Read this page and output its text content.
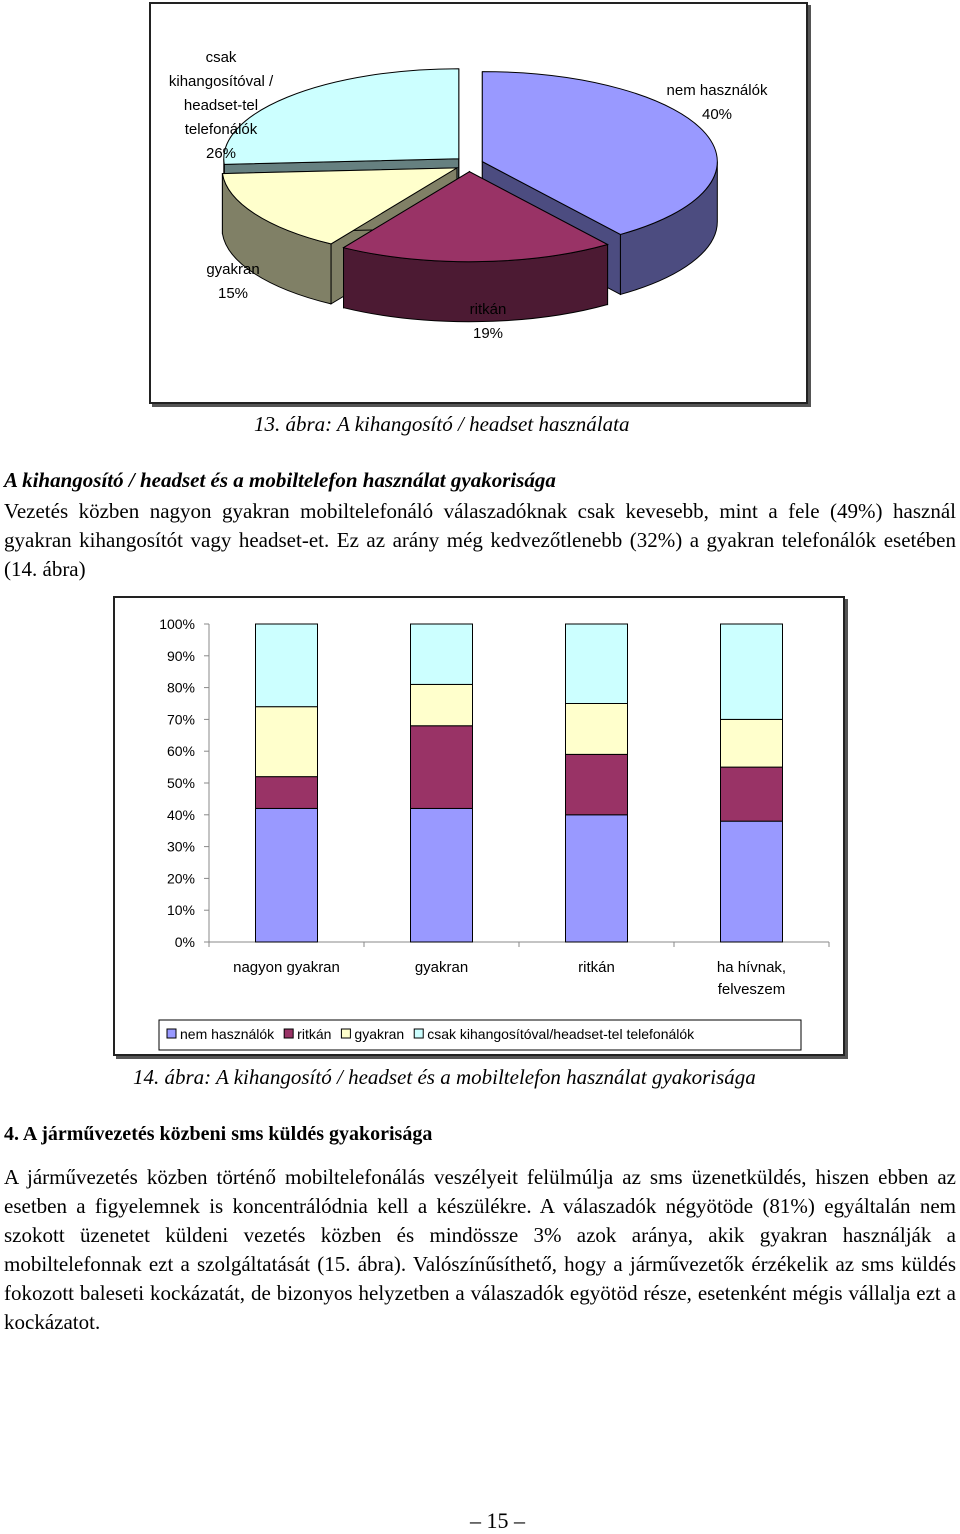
nem használók 40%
ritkán 19%
gyakran 15%
csak kihangosítóval / headset-tel telefonálók 26%
13. ábra: A kihangosító / headset használata
A kihangosító / headset és a mobiltelefon használat gyakorisága

Vezetés közben nagyon gyakran mobiltelefonáló válaszadóknak csak kevesebb, mint a fele (49%) használ gyakran kihangosítót vagy headset-et. Ez az arány még kedvezőtlenebb (32%) a gyakran telefonálók esetében (14. ábra)

0%
10%
20%
30%
40%
50%
60%
70%
80%
90%
100%
nagyon gyakran	gyakran	ritkán	ha hívnak, felveszem
nem használók ritkán gyakran csak kihangosítóval/headset-tel telefonálók
14. ábra: A kihangosító / headset és a mobiltelefon használat gyakorisága
4. A járművezetés közbeni sms küldés gyakorisága

A járművezetés közben történő mobiltelefonálás veszélyeit felülmúlja az sms üzenetküldés, hiszen ebben az esetben a figyelemnek is koncentrálódnia kell a készülékre. A válaszadók négyötöde (81%) egyáltalán nem szokott üzenetet küldeni vezetés közben és mindössze 3% azok aránya, akik gyakran használják a mobiltelefonnak ezt a szolgáltatását (15. ábra). Valószínűsíthető, hogy a járművezetők érzékelik az sms küldés fokozott baleseti kockázatát, de bizonyos helyzetben a válaszadók egyötöd része, esetenként mégis vállalja ezt a kockázatot.

– 15 –
